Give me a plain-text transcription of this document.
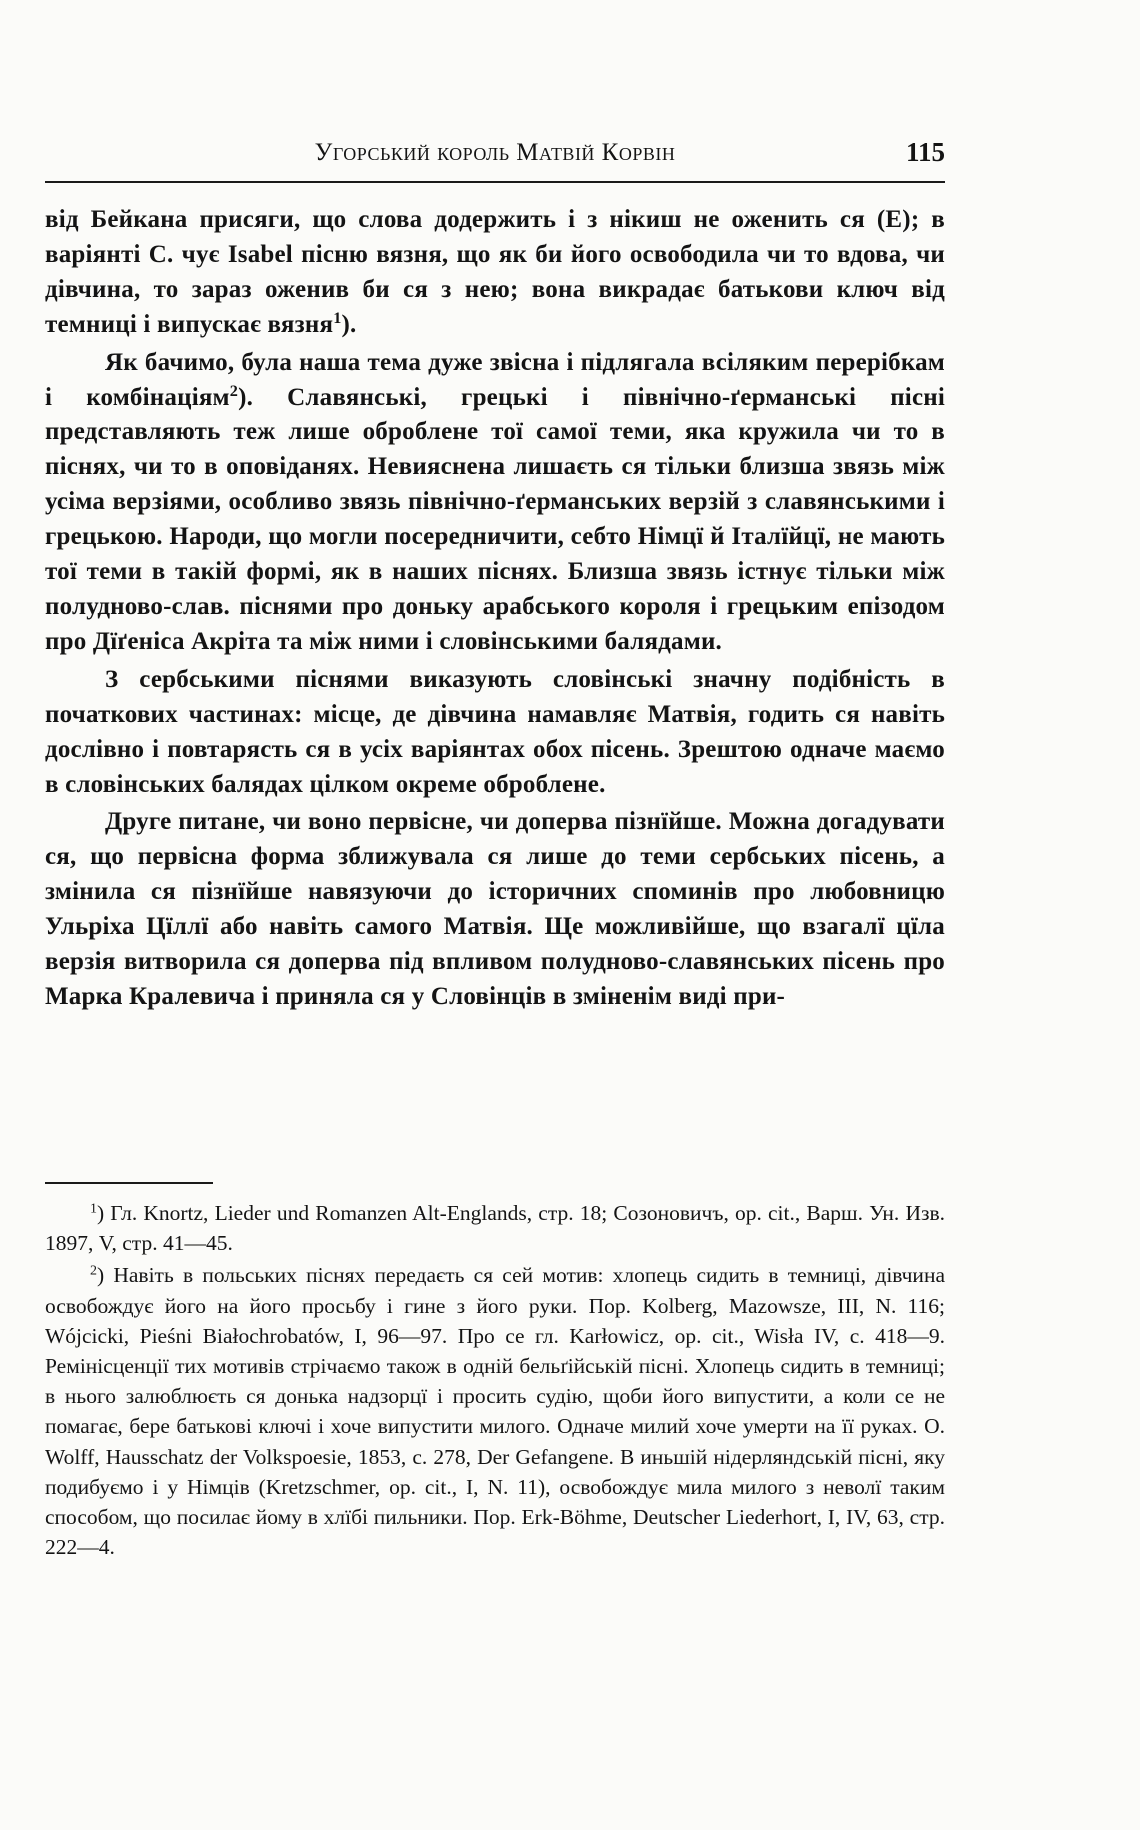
Угорський король Матвій Корвін	115

від Бейкана присяги, що слова додержить і з нікиш не оженить ся (E); в варіянті C. чує Isabel пісню вязня, що як би його освободила чи то вдова, чи дівчина, то зараз оженив би ся з нею; вона викрадає батькови ключ від темниці і випускає вязня$^1$).

Як бачимо, була наша тема дуже звісна і підлягала всіляким перерібкам і комбінаціям$^2$). Славянські, грецькі і північно-ґерманські пісні представляють теж лише оброблене тої самої теми, яка кружила чи то в піснях, чи то в оповіданях. Невияснена лишаєть ся тільки близша звязь між усіма верзіями, особливо звязь північно-ґерманських верзій з славянськими і грецькою. Народи, що могли посередничити, себто Німцї й Італїйцї, не мають тої теми в такій формі, як в наших піснях. Близша звязь істнує тільки між полудново-слав. піснями про доньку арабського короля і грецьким епізодом про Дїґеніса Акріта та між ними і словінськими балядами.

З сербськими піснями виказують словінські значну подібність в початкових частинах: місце, де дівчина намавляє Матвія, годить ся навіть дослівно і повтарясть ся в усіх варіянтах обох пісень. Зрештою одначе маємо в словінських балядах цілком окреме оброблене.

Друге питане, чи воно первісне, чи доперва пізнїйше. Можна догадувати ся, що первісна форма зближувала ся лише до теми сербських пісень, а змінила ся пізнїйше навязуючи до історичних споминів про любовницю Ульріха Цїллї або навіть самого Матвія. Ще можливійше, що взагалї цїла верзія витворила ся доперва під впливом полудново-славянських пісень про Марка Кралевича і приняла ся у Словінців в зміненім виді при-

$^1$) Гл. Knortz, Lieder und Romanzen Alt-Englands, стр. 18; Созоновичъ, op. cit., Варш. Ун. Изв. 1897, V, стр. 41—45.

$^2$) Навіть в польських піснях передаєть ся сей мотив: хлопець сидить в темниці, дівчина освобождує його на його просьбу і гине з його руки. Пор. Kolberg, Mazowsze, III, N. 116; Wójcicki, Pieśni Białochrobatów, I, 96—97. Про се гл. Karłowicz, op. cit., Wisła IV, c. 418—9. Ремінісценції тих мотивів стрічаємо також в одній бельґійській пісні. Хлопець сидить в темниці; в нього залюблюєть ся донька надзорцї і просить судію, щоби його випустити, а коли се не помагає, бере батькові ключі і хоче випустити милого. Одначе милий хоче умерти на її руках. O. Wolff, Hausschatz der Volkspoesie, 1853, с. 278, Der Gefangene. В иньшій нідерляндській пісні, яку подибуємо і у Німців (Kretzschmer, op. cit., I, N. 11), освобождує мила милого з неволї таким способом, що посилає йому в хлїбі пильники. Пор. Erk-Böhme, Deutscher Liederhort, I, IV, 63, стр. 222—4.
